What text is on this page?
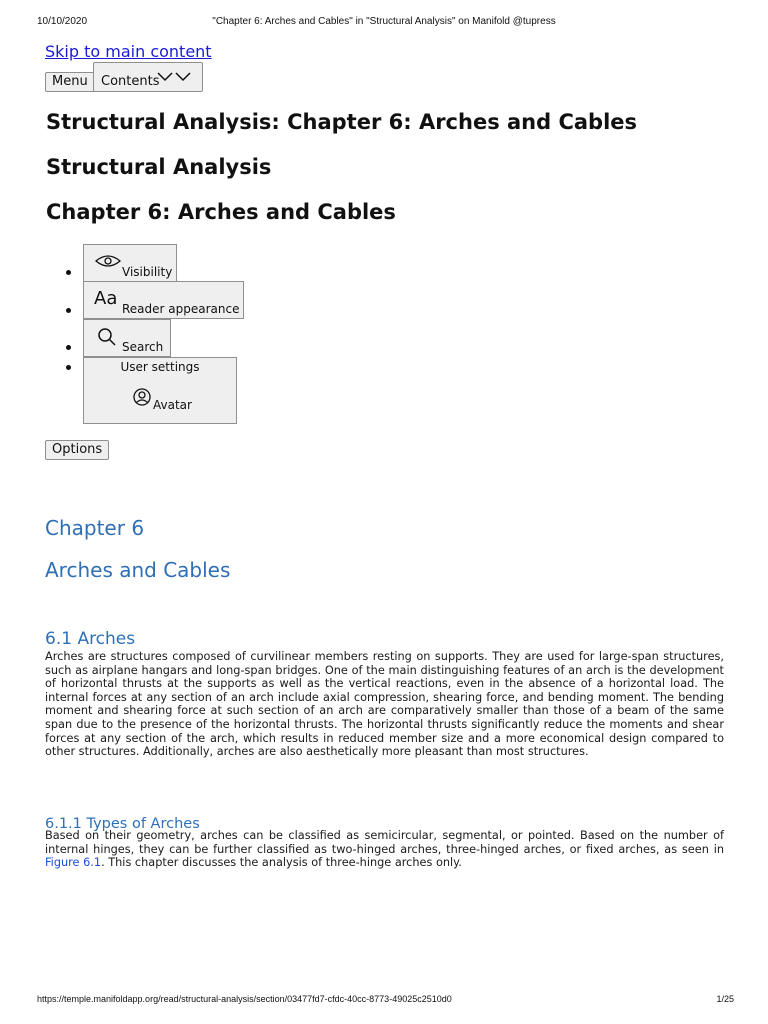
10/10/2020	"Chapter 6: Arches and Cables" in "Structural Analysis" on Manifold @tupress
Skip to main content
Menu	Contents
Structural Analysis: Chapter 6: Arches and Cables
Structural Analysis
Chapter 6: Arches and Cables
Visibility
Aa Reader appearance
Search
User settings
Avatar
Options
Chapter 6
Arches and Cables
6.1 Arches

Arches are structures composed of curvilinear members resting on supports. They are used for large-span structures, such as airplane hangars and long-span bridges. One of the main distinguishing features of an arch is the development of horizontal thrusts at the supports as well as the vertical reactions, even in the absence of a horizontal load. The internal forces at any section of an arch include axial compression, shearing force, and bending moment. The bending moment and shearing force at such section of an arch are comparatively smaller than those of a beam of the same span due to the presence of the horizontal thrusts. The horizontal thrusts significantly reduce the moments and shear forces at any section of the arch, which results in reduced member size and a more economical design compared to other structures. Additionally, arches are also aesthetically more pleasant than most structures.

6.1.1 Types of Arches

Based on their geometry, arches can be classified as semicircular, segmental, or pointed. Based on the number of internal hinges, they can be further classified as two-hinged arches, three-hinged arches, or fixed arches, as seen in Figure 6.1. This chapter discusses the analysis of three-hinge arches only.

https://temple.manifoldapp.org/read/structural-analysis/section/03477fd7-cfdc-40cc-8773-49025c2510d0	1/25
